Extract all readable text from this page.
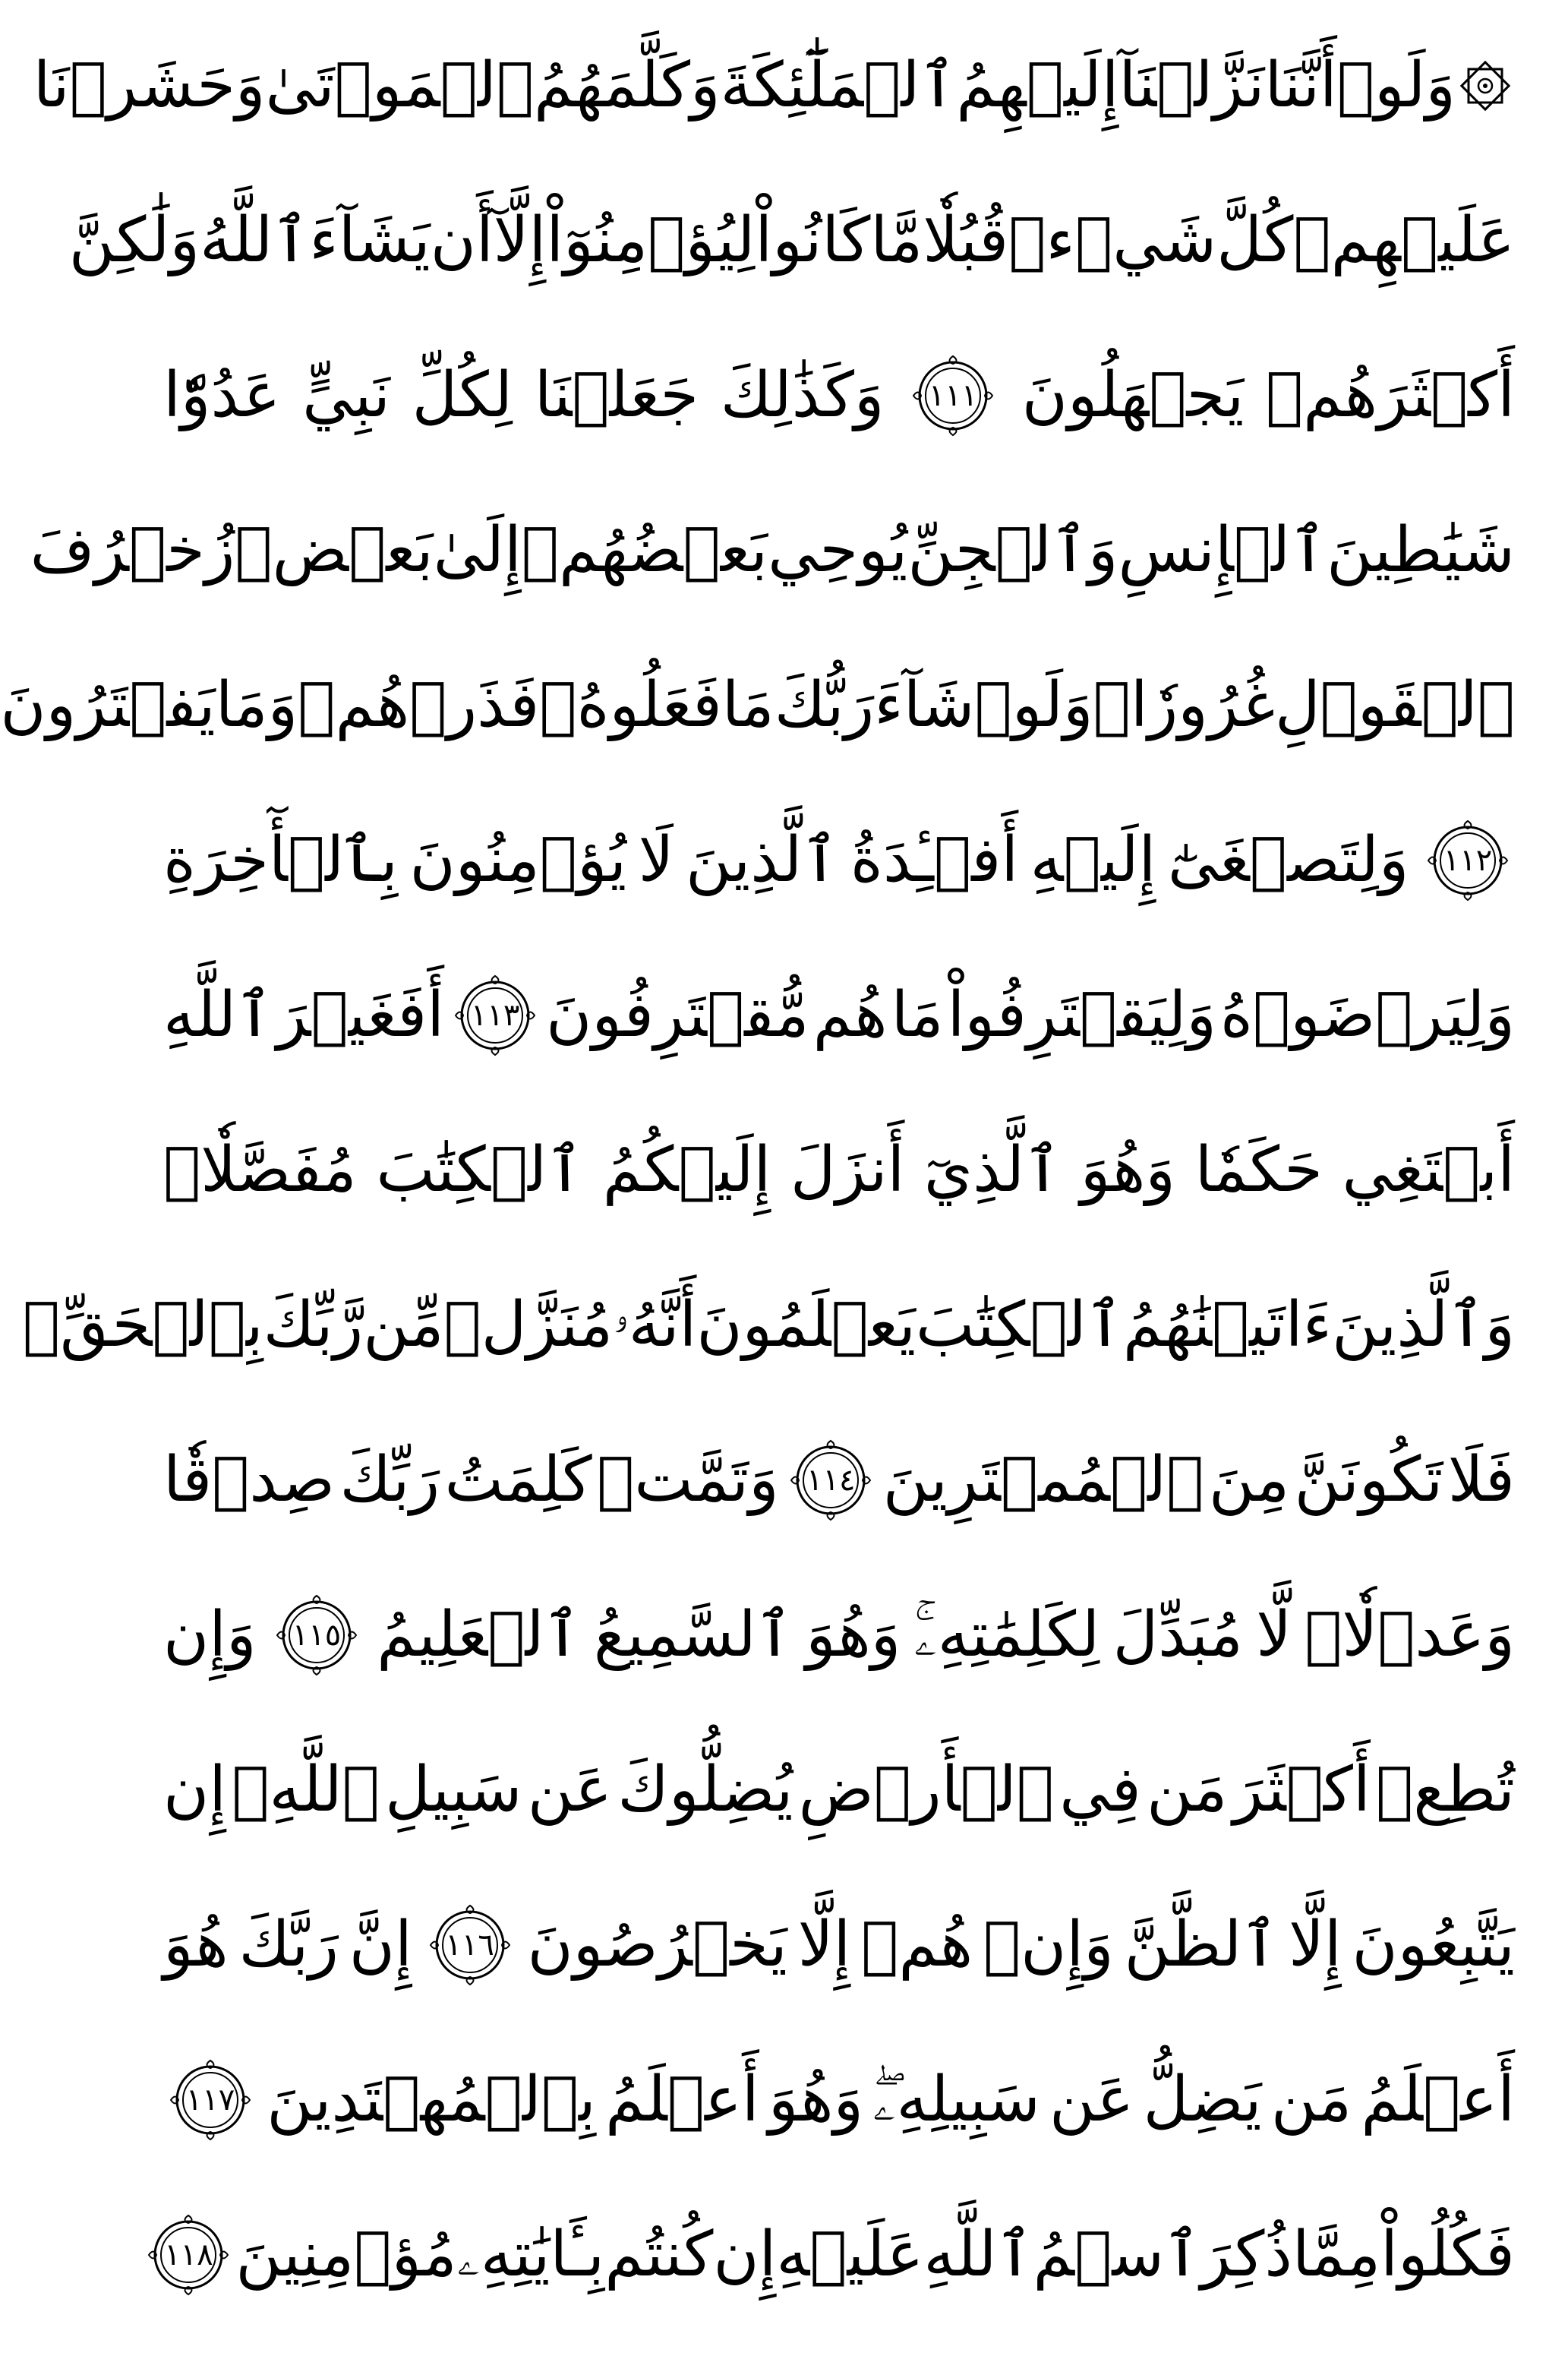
وَلَوۡ
أَنَّنَا
نَزَّلۡنَآ
إِلَيۡهِمُ
ٱلۡمَلَٰٓئِكَةَ
وَكَلَّمَهُمُ
ٱلۡمَوۡتَىٰ
وَحَشَرۡنَا
عَلَيۡهِمۡ
كُلَّ
شَيۡءٖ
قُبُلٗا
مَّا
كَانُواْ
لِيُؤۡمِنُوٓاْ
إِلَّآ
أَن
يَشَآءَ
ٱللَّهُ
وَلَٰكِنَّ
أَكۡثَرَهُمۡ
يَجۡهَلُونَ
١١١
وَكَذَٰلِكَ
جَعَلۡنَا
لِكُلِّ
نَبِيٍّ
عَدُوّٗا
شَيَٰطِينَ
ٱلۡإِنسِ
وَٱلۡجِنِّ
يُوحِي
بَعۡضُهُمۡ
إِلَىٰ
بَعۡضٖ
زُخۡرُفَ
ٱلۡقَوۡلِ
غُرُورٗاۚ
وَلَوۡ
شَآءَ
رَبُّكَ
مَا
فَعَلُوهُۖ
فَذَرۡهُمۡ
وَمَا
يَفۡتَرُونَ
١١٢
وَلِتَصۡغَىٰٓ
إِلَيۡهِ
أَفۡـِٔدَةُ
ٱلَّذِينَ
لَا
يُؤۡمِنُونَ
بِٱلۡأٓخِرَةِ
وَلِيَرۡضَوۡهُ
وَلِيَقۡتَرِفُواْ
مَا
هُم
مُّقۡتَرِفُونَ
١١٣
أَفَغَيۡرَ
ٱللَّهِ
أَبۡتَغِي
حَكَمٗا
وَهُوَ
ٱلَّذِيٓ
أَنزَلَ
إِلَيۡكُمُ
ٱلۡكِتَٰبَ
مُفَصَّلٗاۚ
وَٱلَّذِينَ
ءَاتَيۡنَٰهُمُ
ٱلۡكِتَٰبَ
يَعۡلَمُونَ
أَنَّهُۥ
مُنَزَّلٞ
مِّن
رَّبِّكَ
بِٱلۡحَقِّۖ
فَلَا
تَكُونَنَّ
مِنَ
ٱلۡمُمۡتَرِينَ
١١٤
وَتَمَّتۡ
كَلِمَتُ
رَبِّكَ
صِدۡقٗا
وَعَدۡلٗاۚ
لَّا
مُبَدِّلَ
لِكَلِمَٰتِهِۦۚ
وَهُوَ
ٱلسَّمِيعُ
ٱلۡعَلِيمُ
١١٥
وَإِن
تُطِعۡ
أَكۡثَرَ
مَن
فِي
ٱلۡأَرۡضِ
يُضِلُّوكَ
عَن
سَبِيلِ
ٱللَّهِۚ
إِن
يَتَّبِعُونَ
إِلَّا
ٱلظَّنَّ
وَإِنۡ
هُمۡ
إِلَّا
يَخۡرُصُونَ
١١٦
إِنَّ
رَبَّكَ
هُوَ
أَعۡلَمُ
مَن
يَضِلُّ
عَن
سَبِيلِهِۦۖ
وَهُوَ
أَعۡلَمُ
بِٱلۡمُهۡتَدِينَ
١١٧
فَكُلُواْ
مِمَّا
ذُكِرَ
ٱسۡمُ
ٱللَّهِ
عَلَيۡهِ
إِن
كُنتُم
بِـَٔايَٰتِهِۦ
مُؤۡمِنِينَ
١١٨
